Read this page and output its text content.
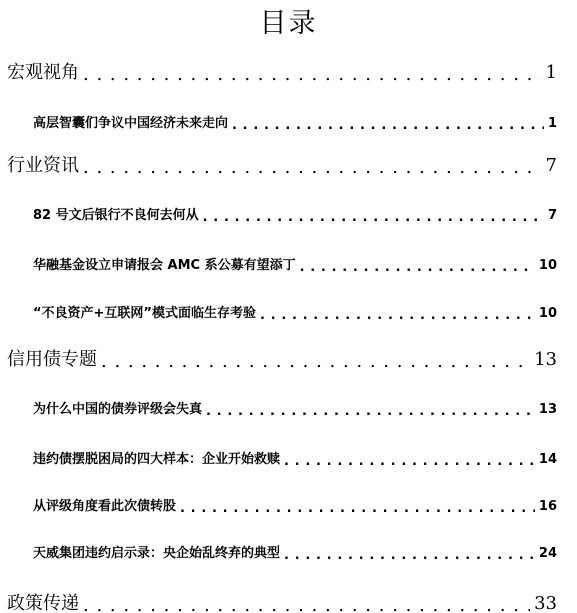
目录
宏观视角 . . .	1
高层智囊们争议中国经济未来走向 . . .	1
行业资讯 . . .	7
82 号文后银行不良何去何从 . . .	7
华融基金设立申请报会 AMC 系公募有望添丁 . . .	10
“不良资产+互联网”模式面临生存考验 . . .	10
信用债专题 . . .	13
为什么中国的债券评级会失真 . . .	13
违约债摆脱困局的四大样本：企业开始救赎 . . .	14
从评级角度看此次债转股 . . .	16
天威集团违约启示录：央企始乱终弃的典型 . . .	24
政策传递 . . .	33
